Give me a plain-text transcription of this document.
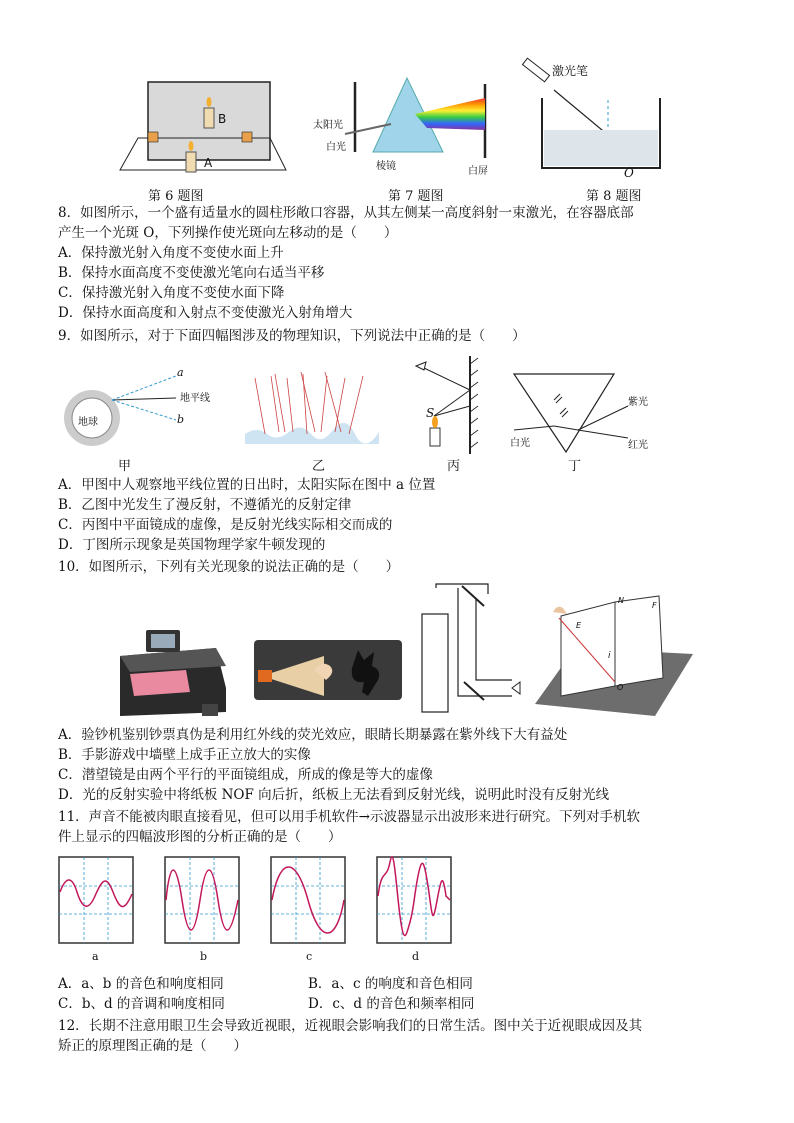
B
A
第 6 题图
太阳光
白光
棱镜	白屏
第 7 题图
激光笔
O
第 8 题图
8．如图所示，一个盛有适量水的圆柱形敞口容器，从其左侧某一高度斜射一束激光，在容器底部
产生一个光斑 O，下列操作使光斑向左移动的是（　　）
A．保持激光射入角度不变使水面上升
B．保持水面高度不变使激光笔向右适当平移
C．保持激光射入角度不变使水面下降
D．保持水面高度和入射点不变使激光入射角增大
9．如图所示，对于下面四幅图涉及的物理知识，下列说法中正确的是（　　）
地球
地平线
a
b
甲	乙
S
丙
紫光
红光
白光
丁
A．甲图中人观察地平线位置的日出时，太阳实际在图中 a 位置
B．乙图中光发生了漫反射，不遵循光的反射定律
C．丙图中平面镜成的虚像，是反射光线实际相交而成的
D．丁图所示现象是英国物理学家牛顿发现的
10．如图所示，下列有关光现象的说法正确的是（　　）
E
N
F
i
O
A．验钞机鉴别钞票真伪是利用红外线的荧光效应，眼睛长期暴露在紫外线下大有益处
B．手影游戏中墙壁上成手正立放大的实像
C．潜望镜是由两个平行的平面镜组成，所成的像是等大的虚像
D．光的反射实验中将纸板 NOF 向后折，纸板上无法看到反射光线，说明此时没有反射光线
11．声音不能被肉眼直接看见，但可以用手机软件→示波器显示出波形来进行研究。下列对手机软
件上显示的四幅波形图的分析正确的是（　　）
a	b	c	d
A．a、b 的音色和响度相同	B．a、c 的响度和音色相同
C．b、d 的音调和响度相同	D．c、d 的音色和频率相同
12．长期不注意用眼卫生会导致近视眼，近视眼会影响我们的日常生活。图中关于近视眼成因及其
矫正的原理图正确的是（　　）
